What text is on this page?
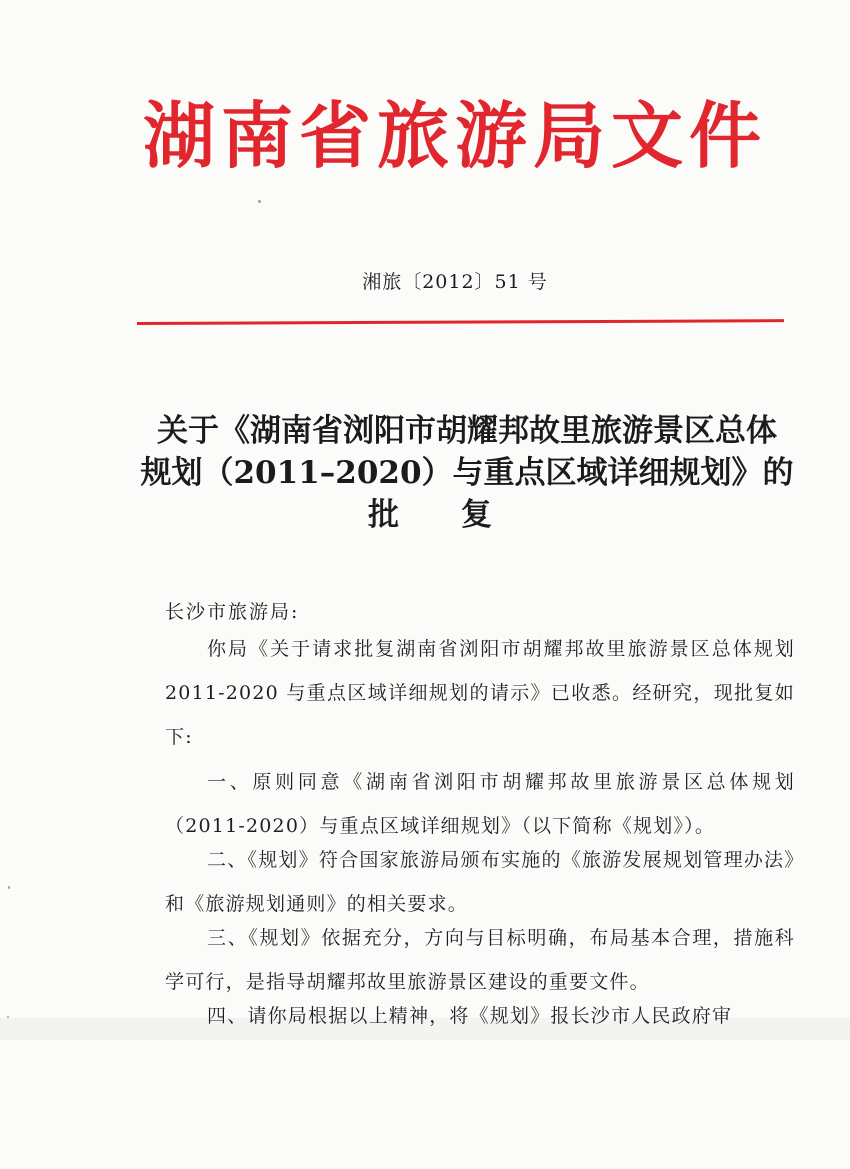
湖南省旅游局文件
湘旅〔2012〕51 号
关于《湖南省浏阳市胡耀邦故里旅游景区总体
规划（2011–2020）与重点区域详细规划》的
批复
长沙市旅游局:
你局《关于请求批复湖南省浏阳市胡耀邦故里旅游景区总体规划 2011-2020 与重点区域详细规划的请示》已收悉。经研究，现批复如下:
一、原则同意《湖南省浏阳市胡耀邦故里旅游景区总体规划（2011-2020）与重点区域详细规划》（以下简称《规划》）。
二、《规划》符合国家旅游局颁布实施的《旅游发展规划管理办法》和《旅游规划通则》的相关要求。
三、《规划》依据充分，方向与目标明确，布局基本合理，措施科学可行，是指导胡耀邦故里旅游景区建设的重要文件。
四、请你局根据以上精神，将《规划》报长沙市人民政府审
